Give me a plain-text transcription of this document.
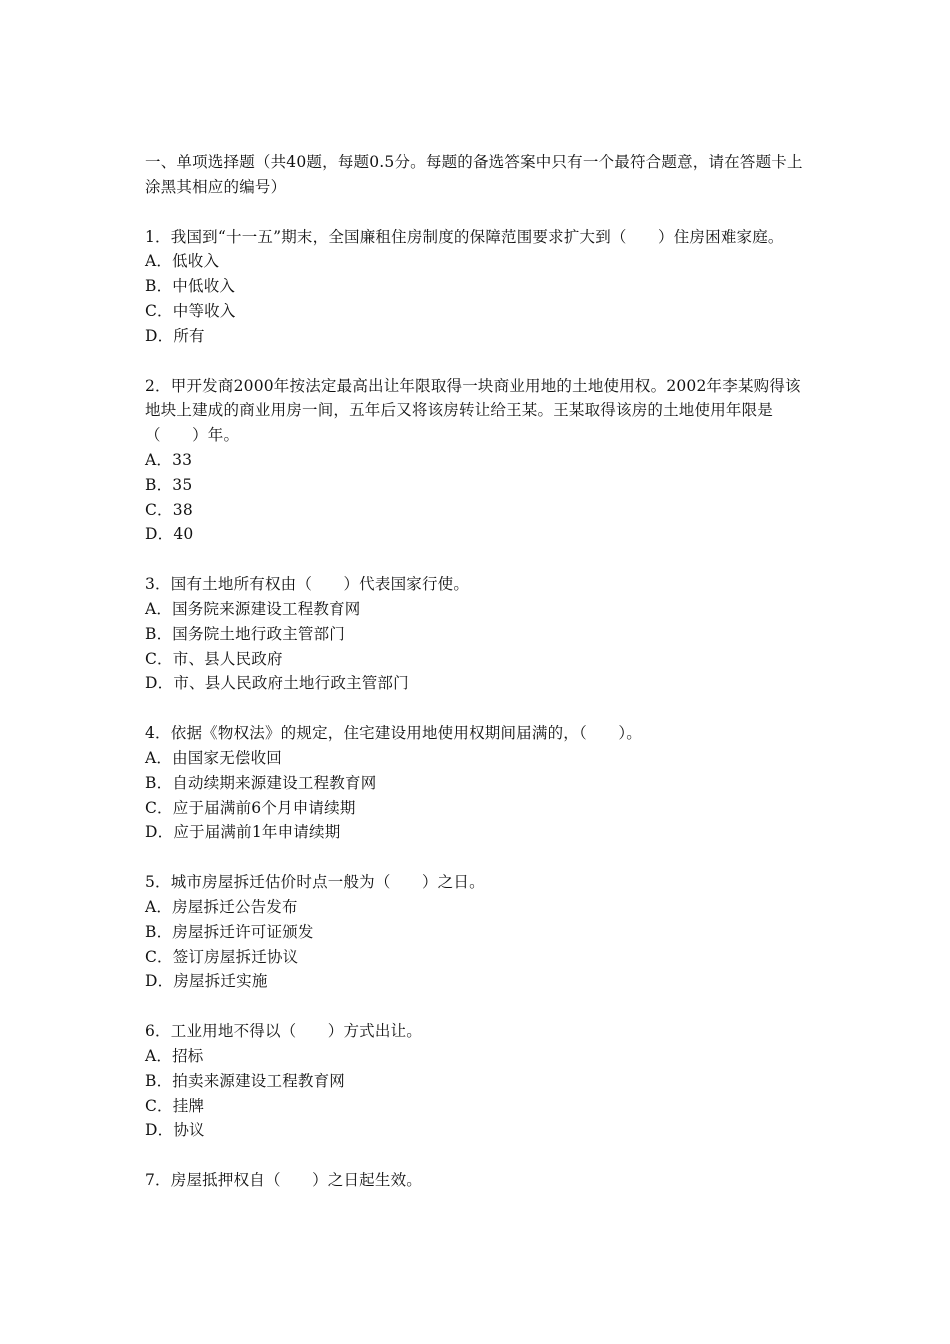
一、单项选择题（共40题，每题0.5分。每题的备选答案中只有一个最符合题意，请在答题卡上涂黑其相应的编号）

1．我国到“十一五”期末，全国廉租住房制度的保障范围要求扩大到（　　）住房困难家庭。

A．低收入

B．中低收入

C．中等收入

D．所有

2．甲开发商2000年按法定最高出让年限取得一块商业用地的土地使用权。2002年李某购得该地块上建成的商业用房一间，五年后又将该房转让给王某。王某取得该房的土地使用年限是（　　）年。

A．33

B．35

C．38

D．40

3．国有土地所有权由（　　）代表国家行使。

A．国务院来源建设工程教育网

B．国务院土地行政主管部门

C．市、县人民政府

D．市、县人民政府土地行政主管部门

4．依据《物权法》的规定，住宅建设用地使用权期间届满的，（　　）。

A．由国家无偿收回

B．自动续期来源建设工程教育网

C．应于届满前6个月申请续期

D．应于届满前1年申请续期

5．城市房屋拆迁估价时点一般为（　　）之日。

A．房屋拆迁公告发布

B．房屋拆迁许可证颁发

C．签订房屋拆迁协议

D．房屋拆迁实施

6．工业用地不得以（　　）方式出让。

A．招标

B．拍卖来源建设工程教育网

C．挂牌

D．协议

7．房屋抵押权自（　　）之日起生效。
